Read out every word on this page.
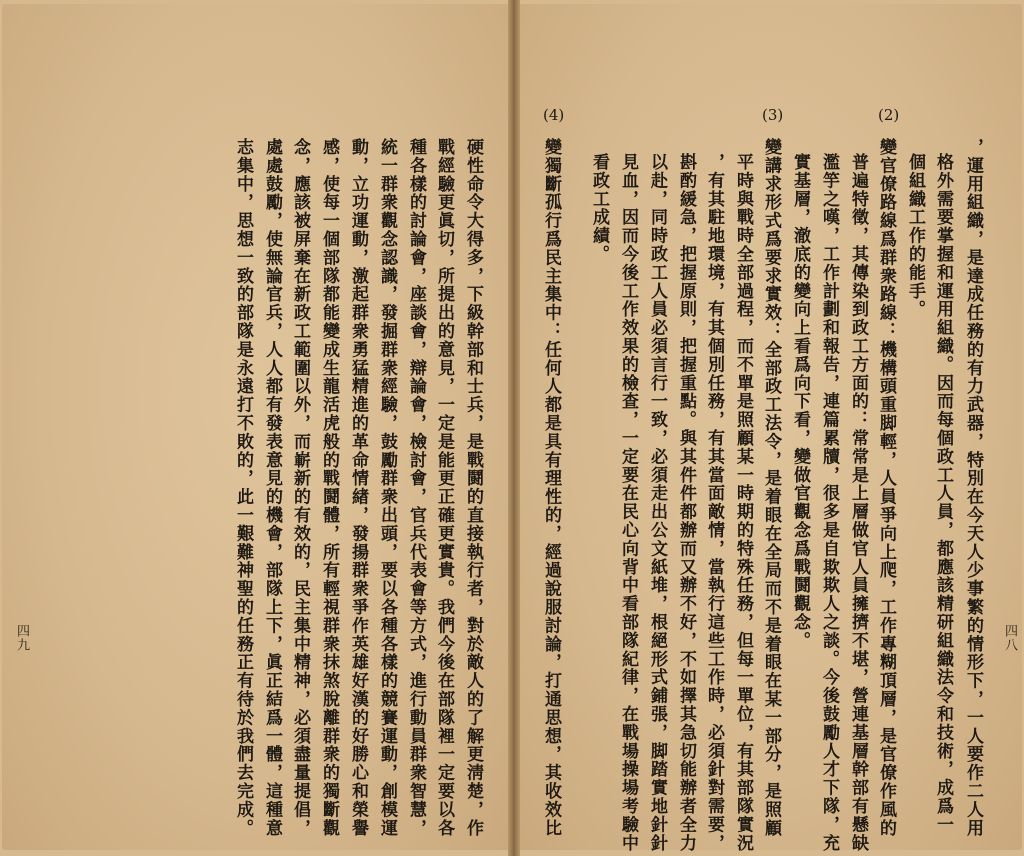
，運用組織，是達成任務的有力武器，特別在今天人少事繁的情形下，一人要作二人用
格外需要掌握和運用組織。因而每個政工人員，都應該精研組織法令和技術，成爲一
個組織工作的能手。
變官僚路線爲群衆路線：機構頭重脚輕，人員爭向上爬，工作專糊頂層，是官僚作風的
普遍特徵，其傳染到政工方面的：常常是上層做官人員擁擠不堪，營連基層幹部有懸缺
濫竽之嘆，工作計劃和報告，連篇累牘，很多是自欺欺人之談。今後鼓勵人才下隊，充
實基層，澈底的變向上看爲向下看，變做官觀念爲戰鬪觀念。
變講求形式爲要求實效：全部政工法令，是着眼在全局而不是着眼在某一部分，是照顧
平時與戰時全部過程，而不單是照顧某一時期的特殊任務，但每一單位，有其部隊實況
，有其駐地環境，有其個別任務，有其當面敵情，當執行這些工作時，必須針對需要，
斟酌緩急，把握原則，把握重點。與其件件都辦而又辦不好，不如擇其急切能辦者全力
以赴，同時政工人員必須言行一致，必須走出公文紙堆，根絕形式鋪張，脚踏實地針針
見血，因而今後工作效果的檢查，一定要在民心向背中看部隊紀律，在戰場操場考驗中
看政工成績。
變獨斷孤行爲民主集中：任何人都是具有理性的，經過說服討論，打通思想，其收效比
(2)
(3)
(4)
四八
硬性命令大得多，下級幹部和士兵，是戰鬪的直接執行者，對於敵人的了解更淸楚，作
戰經驗更眞切，所提出的意見，一定是能更正確更實貴。我們今後在部隊裡一定要以各
種各樣的討論會，座談會，辯論會，檢討會，官兵代表會等方式，進行動員群衆智慧，
統一群衆觀念認識，發掘群衆經驗，鼓勵群衆出頭，要以各種各樣的競賽運動，創模運
動，立功運動，激起群衆勇猛精進的革命情緖，發揚群衆爭作英雄好漢的好勝心和榮譽
感，使每一個部隊都能變成生龍活虎般的戰鬪體，所有輕視群衆抹煞脫離群衆的獨斷觀
念，應該被屏棄在新政工範圍以外，而嶄新的有效的，民主集中精神，必須盡量提倡，
處處鼓勵，使無論官兵，人人都有發表意見的機會，部隊上下，眞正結爲一體，這種意
志集中，思想一致的部隊是永遠打不敗的，此一艱難神聖的任務正有待於我們去完成。
四九
